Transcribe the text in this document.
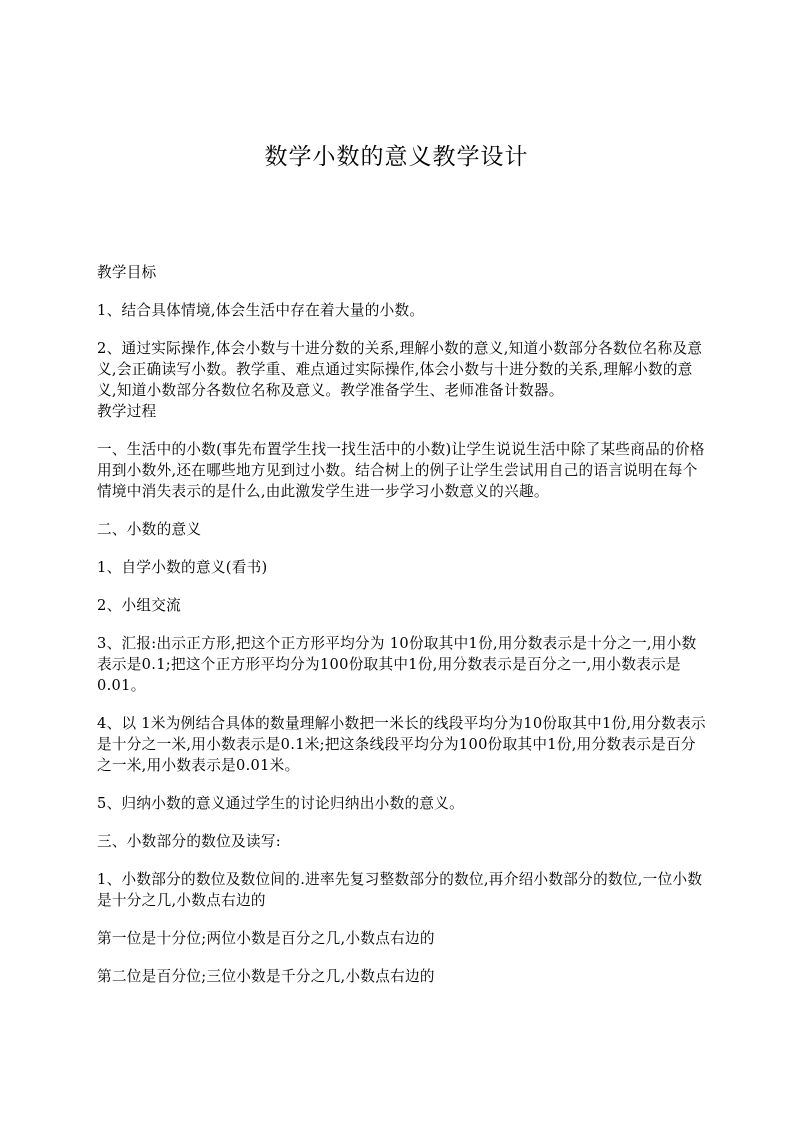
数学小数的意义教学设计

教学目标

1、结合具体情境,体会生活中存在着大量的小数。

2、通过实际操作,体会小数与十进分数的关系,理解小数的意义,知道小数部分各数位名称及意义,会正确读写小数。教学重、难点通过实际操作,体会小数与十进分数的关系,理解小数的意义,知道小数部分各数位名称及意义。教学准备学生、老师准备计数器。

教学过程

一、生活中的小数(事先布置学生找一找生活中的小数)让学生说说生活中除了某些商品的价格用到小数外,还在哪些地方见到过小数。结合树上的例子让学生尝试用自己的语言说明在每个情境中消失表示的是什么,由此激发学生进一步学习小数意义的兴趣。

二、小数的意义

1、自学小数的意义(看书)

2、小组交流

3、汇报:出示正方形,把这个正方形平均分为 10份取其中1份,用分数表示是十分之一,用小数表示是0.1;把这个正方形平均分为100份取其中1份,用分数表示是百分之一,用小数表示是0.01。

4、以 1米为例结合具体的数量理解小数把一米长的线段平均分为10份取其中1份,用分数表示是十分之一米,用小数表示是0.1米;把这条线段平均分为100份取其中1份,用分数表示是百分之一米,用小数表示是0.01米。

5、归纳小数的意义通过学生的讨论归纳出小数的意义。

三、小数部分的数位及读写:

1、小数部分的数位及数位间的.进率先复习整数部分的数位,再介绍小数部分的数位,一位小数是十分之几,小数点右边的

第一位是十分位;两位小数是百分之几,小数点右边的

第二位是百分位;三位小数是千分之几,小数点右边的
